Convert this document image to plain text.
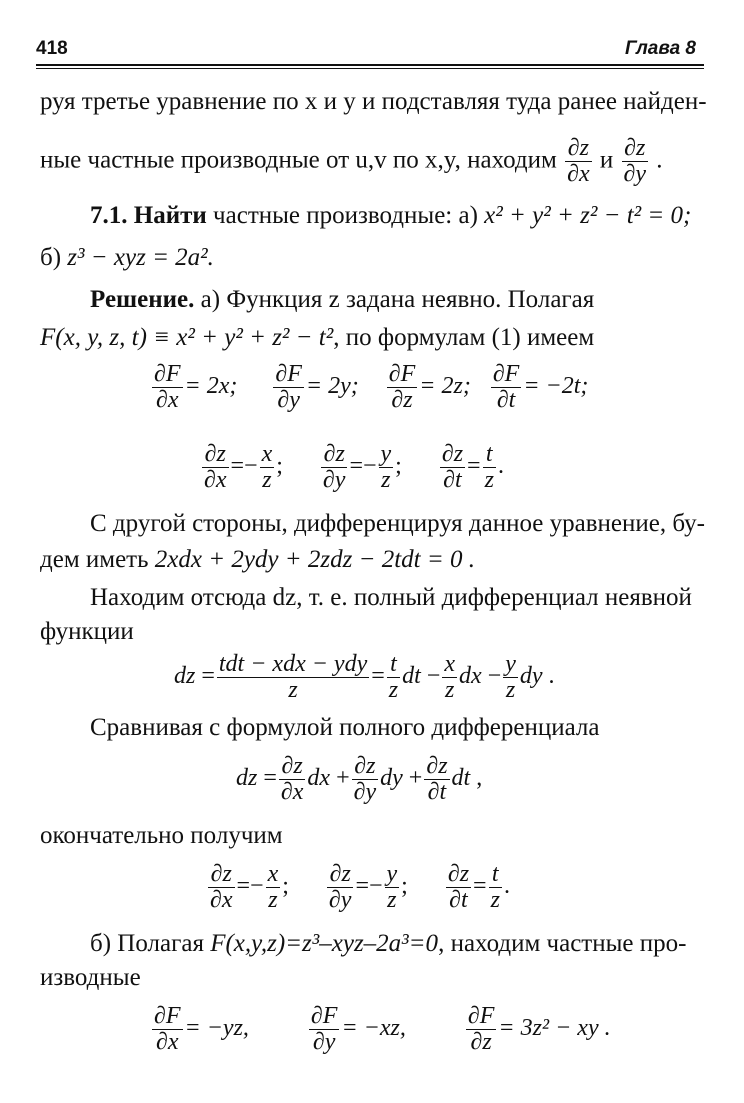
418	Глава 8
руя третье уравнение по x и y и подставляя туда ранее найден-
ные частные производные от u,v по x,y, находим $\frac{\partial z}{\partial x}$ и $\frac{\partial z}{\partial y}$ .
7.1. Найти частные производные: а) x² + y² + z² − t² = 0;
б) z³ − xyz = 2a².
Решение. а) Функция z задана неявно. Полагая
F(x, y, z, t) ≡ x² + y² + z² − t², по формулам (1) имеем
$\frac{\partial F}{\partial x} = 2x$; $\frac{\partial F}{\partial y} = 2y$; $\frac{\partial F}{\partial z} = 2z$; $\frac{\partial F}{\partial t} = -2t$;
$\frac{\partial z}{\partial x} =- \frac{x}{z}$ ; $\frac{\partial z}{\partial y} =- \frac{y}{z}$ ; $\frac{\partial z}{\partial t} = \frac{t}{z}$ .
С другой стороны, дифференцируя данное уравнение, бу-
дем иметь 2xdx + 2ydy + 2zdz − 2tdt = 0 .
Находим отсюда dz, т. е. полный дифференциал неявной
функции
dz = $\frac{\text{tdt − xdx − ydy}}{z} = \frac{t}{z}$ dt − $\frac{x}{z}$ dx − $\frac{y}{z}$ dy .
Сравнивая с формулой полного дифференциала
dz = $\frac{\partial z}{\partial x}$ dx + $\frac{\partial z}{\partial y}$ dy + $\frac{\partial z}{\partial t}$ dt ,
окончательно получим
$\frac{\partial z}{\partial x} =- \frac{x}{z}$ ; $\frac{\partial z}{\partial y} =- \frac{y}{z}$ ; $\frac{\partial z}{\partial t} = \frac{t}{z}$ .
б) Полагая F(x,y,z)=z³–xyz–2a³=0, находим частные про-
изводные
$\frac{\partial F}{\partial x} = -yz$,	$\frac{\partial F}{\partial y} = -xz$,	$\frac{\partial F}{\partial z} = 3z^2$ − xy .
